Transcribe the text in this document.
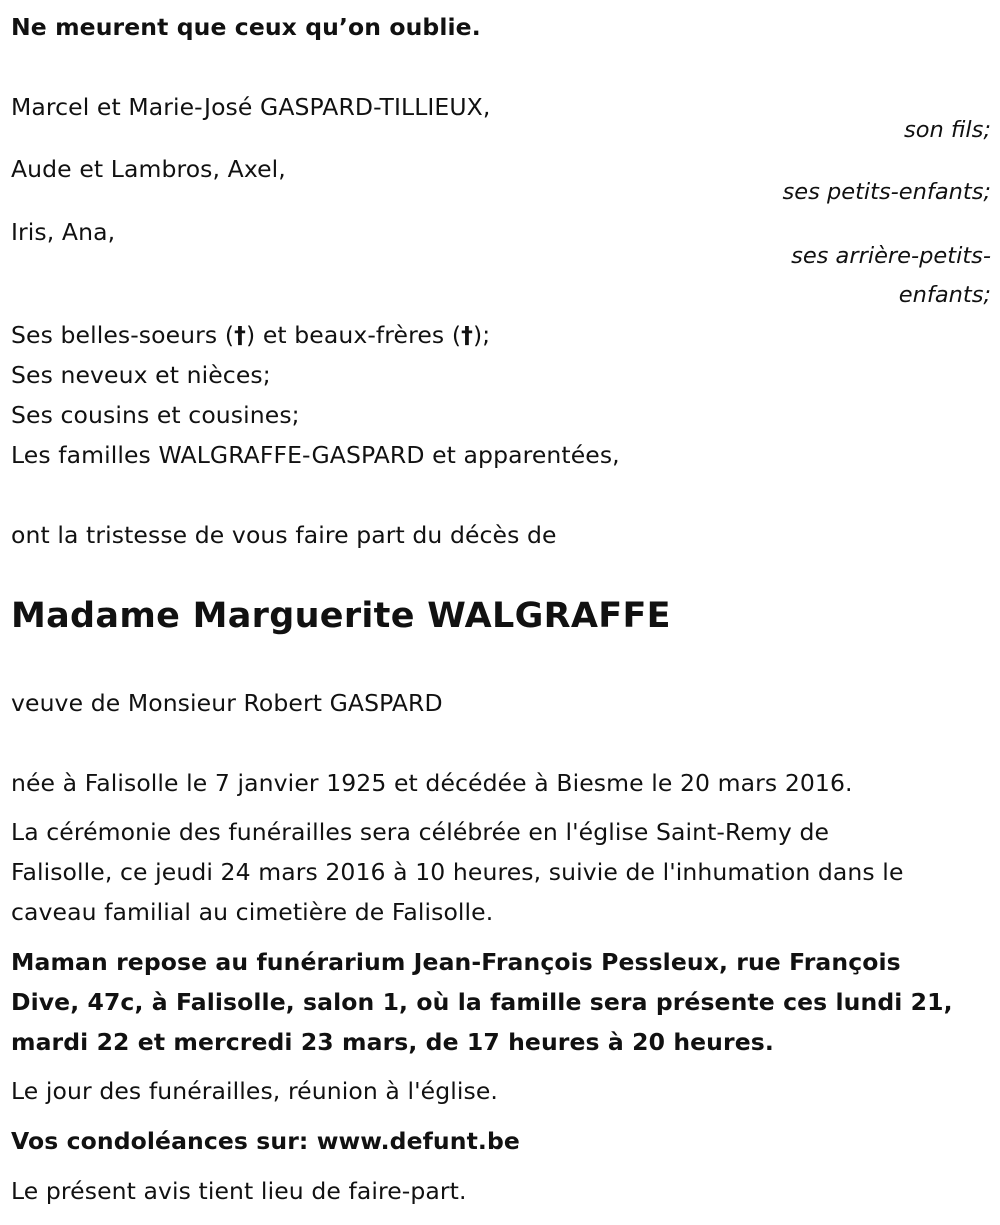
Ne meurent que ceux qu’on oublie.
Marcel et Marie-José GASPARD-TILLIEUX,
son fils;
Aude et Lambros, Axel,
ses petits-enfants;
Iris, Ana,
ses arrière-petits-
enfants;
Ses belles-soeurs (†) et beaux-frères (†);
Ses neveux et nièces;
Ses cousins et cousines;
Les familles WALGRAFFE-GASPARD et apparentées,
ont la tristesse de vous faire part du décès de
Madame Marguerite WALGRAFFE
veuve de Monsieur Robert GASPARD
née à Falisolle le 7 janvier 1925 et décédée à Biesme le 20 mars 2016.
La cérémonie des funérailles sera célébrée en l'église Saint-Remy de
Falisolle, ce jeudi 24 mars 2016 à 10 heures, suivie de l'inhumation dans le
caveau familial au cimetière de Falisolle.
Maman repose au funérarium Jean-François Pessleux, rue François
Dive, 47c, à Falisolle, salon 1, où la famille sera présente ces lundi 21,
mardi 22 et mercredi 23 mars, de 17 heures à 20 heures.
Le jour des funérailles, réunion à l'église.
Vos condoléances sur: www.defunt.be
Le présent avis tient lieu de faire-part.
